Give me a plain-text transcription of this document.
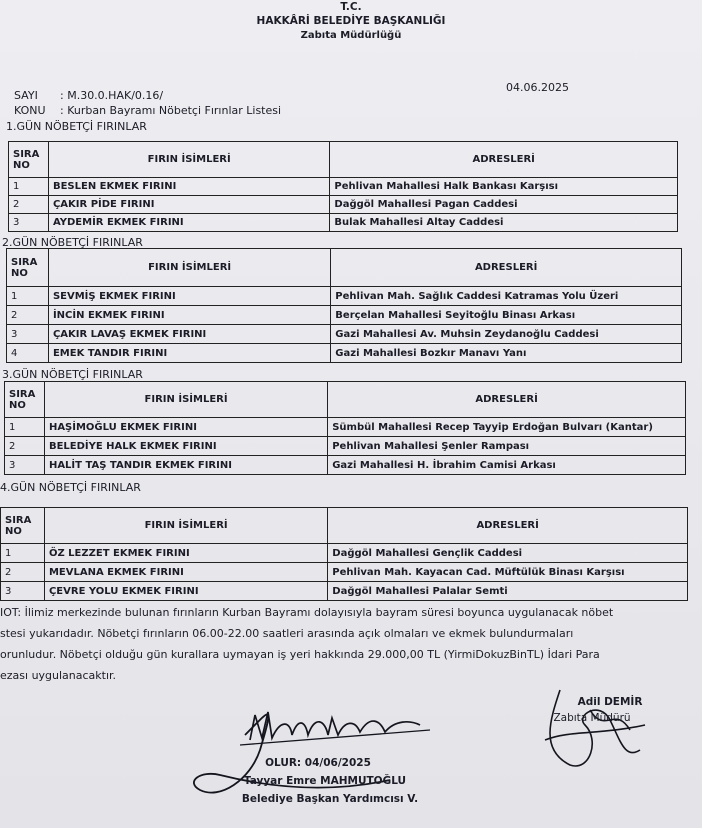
T.C.
HAKKÂRİ BELEDİYE BAŞKANLIĞI
Zabıta Müdürlüğü
SAYI : M.30.0.HAK/0.16/
04.06.2025
KONU : Kurban Bayramı Nöbetçi Fırınlar Listesi
1.GÜN NÖBETÇİ FIRINLAR
SIRA
NO	FIRIN İSİMLERİ	ADRESLERİ
1	BESLEN EKMEK FIRINI	Pehlivan Mahallesi Halk Bankası Karşısı
2	ÇAKIR PİDE FIRINI	Dağgöl Mahallesi Pagan Caddesi
3	AYDEMİR EKMEK FIRINI	Bulak Mahallesi Altay Caddesi
2.GÜN NÖBETÇİ FIRINLAR
SIRA
NO	FIRIN İSİMLERİ	ADRESLERİ
1	SEVMİŞ EKMEK FIRINI	Pehlivan Mah. Sağlık Caddesi Katramas Yolu Üzeri
2	İNCİN EKMEK FIRINI	Berçelan Mahallesi Seyitoğlu Binası Arkası
3	ÇAKIR LAVAŞ EKMEK FIRINI	Gazi Mahallesi Av. Muhsin Zeydanoğlu Caddesi
4	EMEK TANDIR FIRINI	Gazi Mahallesi Bozkır Manavı Yanı
3.GÜN NÖBETÇİ FIRINLAR
SIRA
NO	FIRIN İSİMLERİ	ADRESLERİ
1	HAŞİMOĞLU EKMEK FIRINI	Sümbül Mahallesi Recep Tayyip Erdoğan Bulvarı (Kantar)
2	BELEDİYE HALK EKMEK FIRINI	Pehlivan Mahallesi Şenler Rampası
3	HALİT TAŞ TANDIR EKMEK FIRINI	Gazi Mahallesi H. İbrahim Camisi Arkası
4.GÜN NÖBETÇİ FIRINLAR
SIRA
NO	FIRIN İSİMLERİ	ADRESLERİ
1	ÖZ LEZZET EKMEK FIRINI	Dağgöl Mahallesi Gençlik Caddesi
2	MEVLANA EKMEK FIRINI	Pehlivan Mah. Kayacan Cad. Müftülük Binası Karşısı
3	ÇEVRE YOLU EKMEK FIRINI	Dağgöl Mahallesi Palalar Semti
IOT: İlimiz merkezinde bulunan fırınların Kurban Bayramı dolayısıyla bayram süresi boyunca uygulanacak nöbet
stesi yukarıdadır. Nöbetçi fırınların 06.00-22.00 saatleri arasında açık olmaları ve ekmek bulundurmaları
orunludur. Nöbetçi olduğu gün kurallara uymayan iş yeri hakkında 29.000,00 TL (YirmiDokuzBinTL) İdari Para
ezası uygulanacaktır.
Adil DEMİR
Zabıta Müdürü
OLUR: 04/06/2025
Tayyar Emre MAHMUTOĞLU
Belediye Başkan Yardımcısı V.
